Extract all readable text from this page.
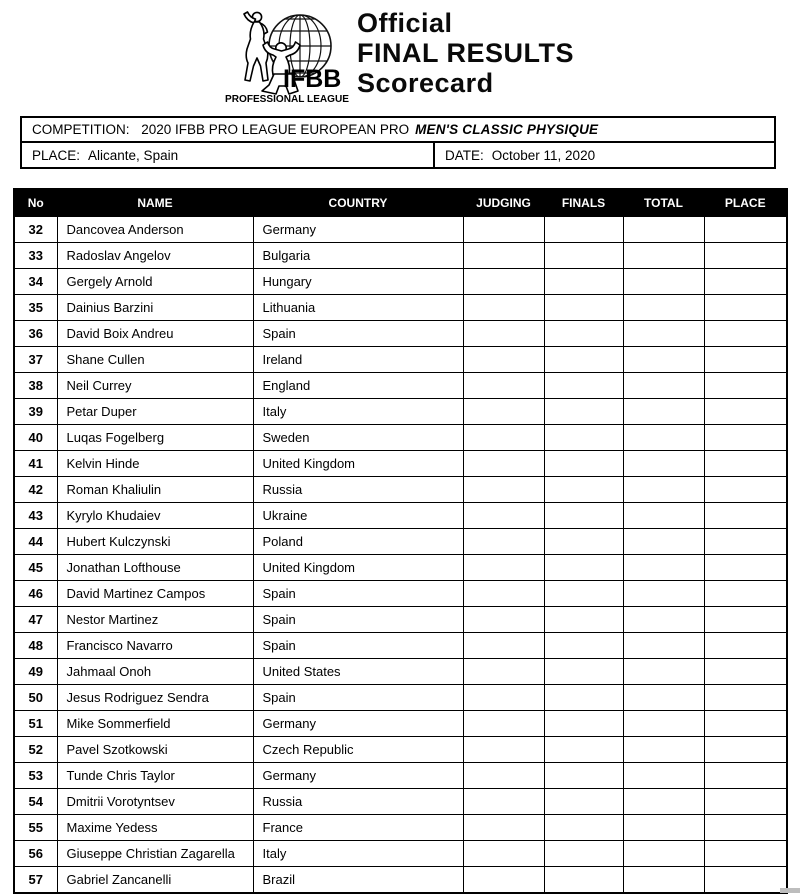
IFBB
PROFESSIONAL LEAGUE
Official
FINAL RESULTS
Scorecard
COMPETITION: 2020 IFBB PRO LEAGUE EUROPEAN PRO MEN'S CLASSIC PHYSIQUE
PLACE: Alicante, Spain	DATE: October 11, 2020
No	NAME	COUNTRY	JUDGING	FINALS	TOTAL	PLACE
32	Dancovea Anderson	Germany				
33	Radoslav Angelov	Bulgaria				
34	Gergely Arnold	Hungary				
35	Dainius Barzini	Lithuania				
36	David Boix Andreu	Spain				
37	Shane Cullen	Ireland				
38	Neil Currey	England				
39	Petar Duper	Italy				
40	Luqas Fogelberg	Sweden				
41	Kelvin Hinde	United Kingdom				
42	Roman Khaliulin	Russia				
43	Kyrylo Khudaiev	Ukraine				
44	Hubert Kulczynski	Poland				
45	Jonathan Lofthouse	United Kingdom				
46	David Martinez Campos	Spain				
47	Nestor Martinez	Spain				
48	Francisco Navarro	Spain				
49	Jahmaal Onoh	United States				
50	Jesus Rodriguez Sendra	Spain				
51	Mike Sommerfield	Germany				
52	Pavel Szotkowski	Czech Republic				
53	Tunde Chris Taylor	Germany				
54	Dmitrii Vorotyntsev	Russia				
55	Maxime Yedess	France				
56	Giuseppe Christian Zagarella	Italy				
57	Gabriel Zancanelli	Brazil				
